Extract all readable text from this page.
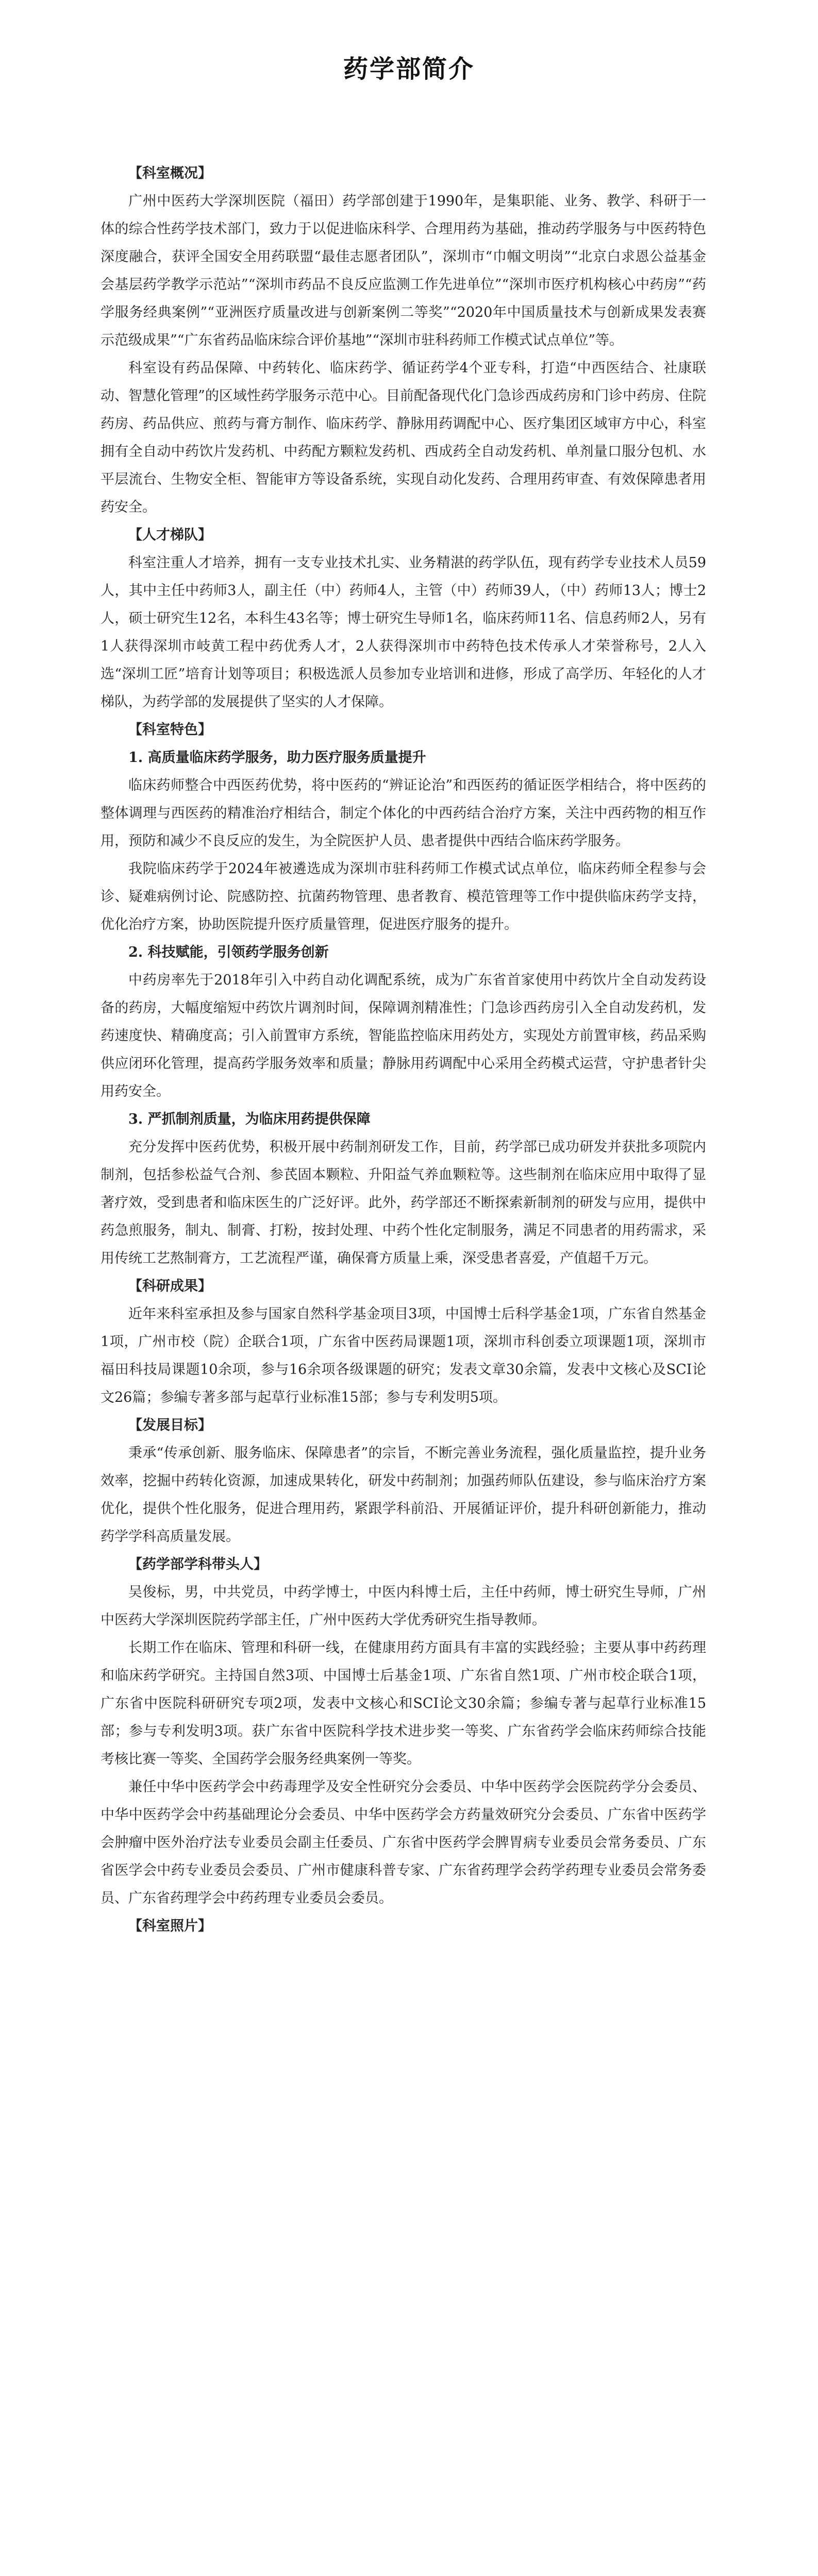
药学部简介
【科室概况】

广州中医药大学深圳医院（福田）药学部创建于1990年，是集职能、业务、教学、科研于一体的综合性药学技术部门，致力于以促进临床科学、合理用药为基础，推动药学服务与中医药特色深度融合，获评全国安全用药联盟“最佳志愿者团队”，深圳市“巾帼文明岗”“北京白求恩公益基金会基层药学教学示范站”“深圳市药品不良反应监测工作先进单位”“深圳市医疗机构核心中药房”“药学服务经典案例”“亚洲医疗质量改进与创新案例二等奖”“2020年中国质量技术与创新成果发表赛示范级成果”“广东省药品临床综合评价基地”“深圳市驻科药师工作模式试点单位”等。

科室设有药品保障、中药转化、临床药学、循证药学4个亚专科，打造“中西医结合、社康联动、智慧化管理”的区域性药学服务示范中心。目前配备现代化门急诊西成药房和门诊中药房、住院药房、药品供应、煎药与膏方制作、临床药学、静脉用药调配中心、医疗集团区域审方中心，科室拥有全自动中药饮片发药机、中药配方颗粒发药机、西成药全自动发药机、单剂量口服分包机、水平层流台、生物安全柜、智能审方等设备系统，实现自动化发药、合理用药审查、有效保障患者用药安全。

【人才梯队】

科室注重人才培养，拥有一支专业技术扎实、业务精湛的药学队伍，现有药学专业技术人员59人，其中主任中药师3人，副主任（中）药师4人，主管（中）药师39人，（中）药师13人；博士2人，硕士研究生12名，本科生43名等；博士研究生导师1名，临床药师11名、信息药师2人，另有1人获得深圳市岐黄工程中药优秀人才，2人获得深圳市中药特色技术传承人才荣誉称号，2人入选“深圳工匠”培育计划等项目；积极选派人员参加专业培训和进修，形成了高学历、年轻化的人才梯队，为药学部的发展提供了坚实的人才保障。

【科室特色】
1. 高质量临床药学服务，助力医疗服务质量提升

临床药师整合中西医药优势，将中医药的“辨证论治”和西医药的循证医学相结合，将中医药的整体调理与西医药的精准治疗相结合，制定个体化的中西药结合治疗方案，关注中西药物的相互作用，预防和减少不良反应的发生，为全院医护人员、患者提供中西结合临床药学服务。

我院临床药学于2024年被遴选成为深圳市驻科药师工作模式试点单位，临床药师全程参与会诊、疑难病例讨论、院感防控、抗菌药物管理、患者教育、模范管理等工作中提供临床药学支持，优化治疗方案，协助医院提升医疗质量管理，促进医疗服务的提升。

2. 科技赋能，引领药学服务创新

中药房率先于2018年引入中药自动化调配系统，成为广东省首家使用中药饮片全自动发药设备的药房，大幅度缩短中药饮片调剂时间，保障调剂精准性；门急诊西药房引入全自动发药机，发药速度快、精确度高；引入前置审方系统，智能监控临床用药处方，实现处方前置审核，药品采购供应闭环化管理，提高药学服务效率和质量；静脉用药调配中心采用全药模式运营，守护患者针尖用药安全。

3. 严抓制剂质量，为临床用药提供保障

充分发挥中医药优势，积极开展中药制剂研发工作，目前，药学部已成功研发并获批多项院内制剂，包括参松益气合剂、参芪固本颗粒、升阳益气养血颗粒等。这些制剂在临床应用中取得了显著疗效，受到患者和临床医生的广泛好评。此外，药学部还不断探索新制剂的研发与应用，提供中药急煎服务，制丸、制膏、打粉，按封处理、中药个性化定制服务，满足不同患者的用药需求，采用传统工艺熬制膏方，工艺流程严谨，确保膏方质量上乘，深受患者喜爱，产值超千万元。

【科研成果】

近年来科室承担及参与国家自然科学基金项目3项，中国博士后科学基金1项，广东省自然基金1项，广州市校（院）企联合1项，广东省中医药局课题1项，深圳市科创委立项课题1项，深圳市福田科技局课题10余项，参与16余项各级课题的研究；发表文章30余篇，发表中文核心及SCI论文26篇；参编专著多部与起草行业标准15部；参与专利发明5项。

【发展目标】

秉承“传承创新、服务临床、保障患者”的宗旨，不断完善业务流程，强化质量监控，提升业务效率，挖掘中药转化资源，加速成果转化，研发中药制剂；加强药师队伍建设，参与临床治疗方案优化，提供个性化服务，促进合理用药，紧跟学科前沿、开展循证评价，提升科研创新能力，推动药学学科高质量发展。

【药学部学科带头人】

吴俊标，男，中共党员，中药学博士，中医内科博士后，主任中药师，博士研究生导师，广州中医药大学深圳医院药学部主任，广州中医药大学优秀研究生指导教师。

长期工作在临床、管理和科研一线，在健康用药方面具有丰富的实践经验；主要从事中药药理和临床药学研究。主持国自然3项、中国博士后基金1项、广东省自然1项、广州市校企联合1项，广东省中医院科研研究专项2项，发表中文核心和SCI论文30余篇；参编专著与起草行业标准15部；参与专利发明3项。获广东省中医院科学技术进步奖一等奖、广东省药学会临床药师综合技能考核比赛一等奖、全国药学会服务经典案例一等奖。

兼任中华中医药学会中药毒理学及安全性研究分会委员、中华中医药学会医院药学分会委员、中华中医药学会中药基础理论分会委员、中华中医药学会方药量效研究分会委员、广东省中医药学会肿瘤中医外治疗法专业委员会副主任委员、广东省中医药学会脾胃病专业委员会常务委员、广东省医学会中药专业委员会委员、广州市健康科普专家、广东省药理学会药学药理专业委员会常务委员、广东省药理学会中药药理专业委员会委员。

【科室照片】
